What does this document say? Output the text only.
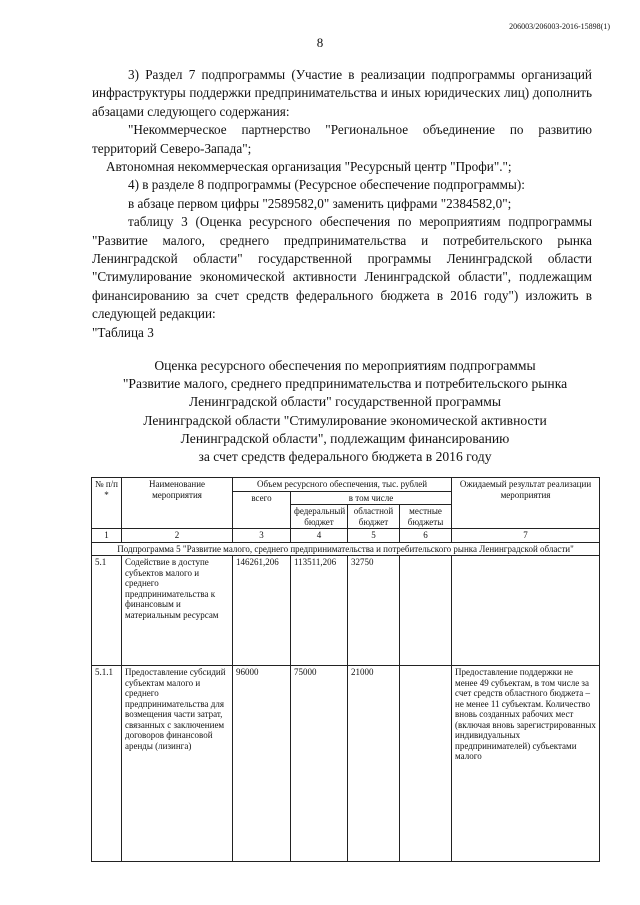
206003/206003-2016-15898(1)
8

3) Раздел 7 подпрограммы (Участие в реализации подпрограммы организаций инфраструктуры поддержки предпринимательства и иных юридических лиц) дополнить абзацами следующего содержания:

"Некоммерческое партнерство "Региональное объединение по развитию территорий Северо-Запада";

Автономная некоммерческая организация "Ресурсный центр "Профи".";

4) в разделе 8 подпрограммы (Ресурсное обеспечение подпрограммы):

в абзаце первом цифры "2589582,0" заменить цифрами "2384582,0";

таблицу 3 (Оценка ресурсного обеспечения по мероприятиям подпрограммы "Развитие малого, среднего предпринимательства и потребительского рынка Ленинградской области" государственной программы Ленинградской области "Стимулирование экономической активности Ленинградской области", подлежащим финансированию за счет средств федерального бюджета в 2016 году") изложить в следующей редакции:

"Таблица 3

Оценка ресурсного обеспечения по мероприятиям подпрограммы
"Развитие малого, среднего предпринимательства и потребительского рынка
Ленинградской области" государственной программы
Ленинградской области "Стимулирование экономической активности
Ленинградской области", подлежащим финансированию
за счет средств федерального бюджета в 2016 году
№ п/п *	Наименование мероприятия	Объем ресурсного обеспечения, тыс. рублей				Ожидаемый результат реализации мероприятия
		всего	в том числе			
			федеральный бюджет	областной бюджет	местные бюджеты	
1	2	3	4	5	6	7
Подпрограмма 5 "Развитие малого, среднего предпринимательства и потребительского рынка Ленинградской области"						
5.1	Содействие в доступе субъектов малого и среднего предпринимательства к финансовым и материальным ресурсам	146261,206	113511,206	32750		
5.1.1	Предоставление субсидий субъектам малого и среднего предпринимательства для возмещения части затрат, связанных с заключением договоров финансовой аренды (лизинга)	96000	75000	21000		Предоставление поддержки не менее 49 субъектам, в том числе за счет средств областного бюджета – не менее 11 субъектам. Количество вновь созданных рабочих мест (включая вновь зарегистрированных индивидуальных предпринимателей) субъектами малого
